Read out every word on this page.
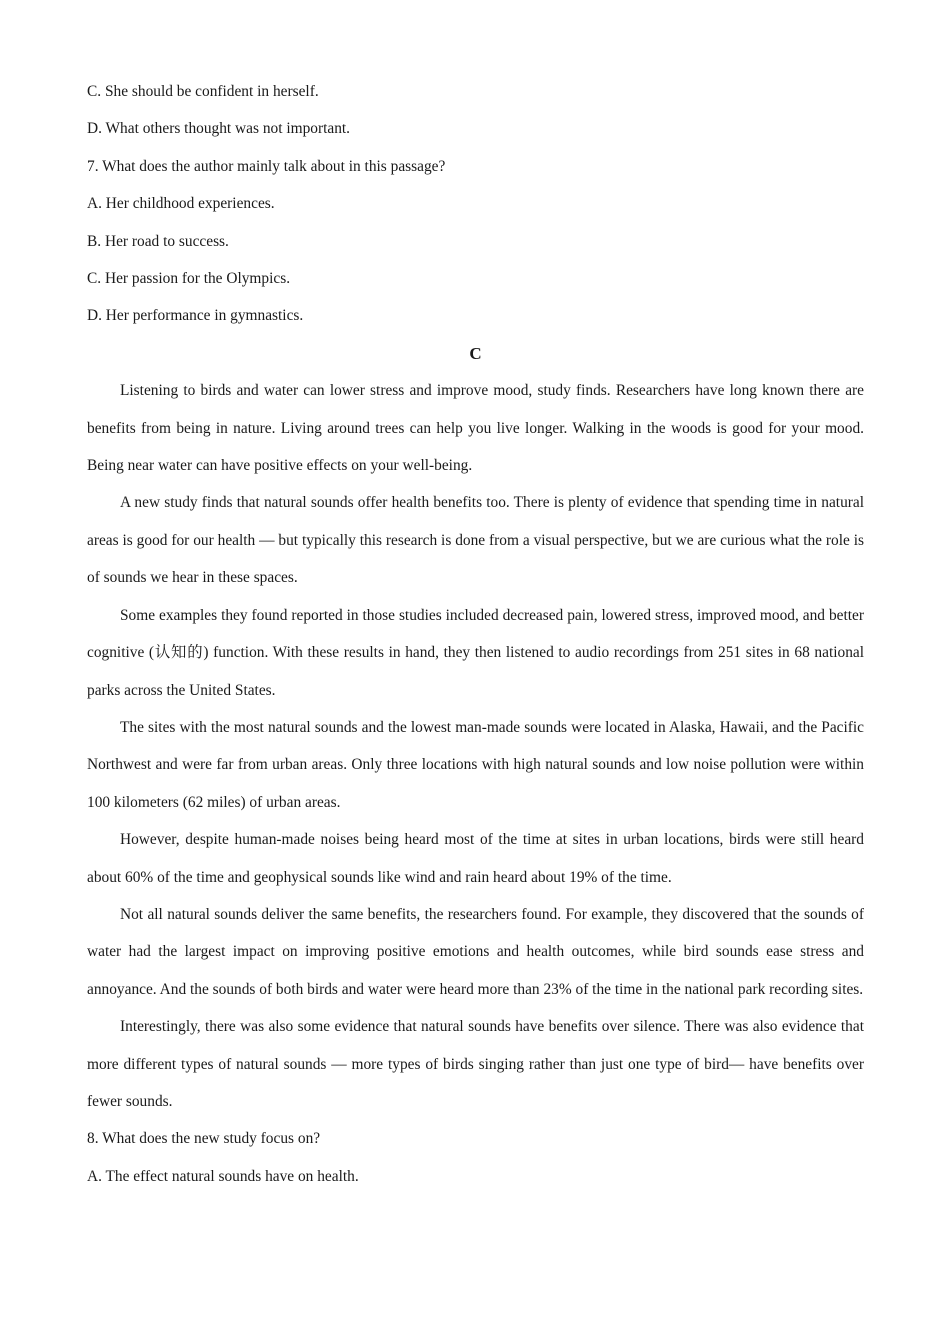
C. She should be confident in herself.

D. What others thought was not important.

7. What does the author mainly talk about in this passage?

A. Her childhood experiences.

B. Her road to success.

C. Her passion for the Olympics.

D. Her performance in gymnastics.

C

Listening to birds and water can lower stress and improve mood, study finds. Researchers have long known there are benefits from being in nature. Living around trees can help you live longer. Walking in the woods is good for your mood. Being near water can have positive effects on your well-being.

A new study finds that natural sounds offer health benefits too. There is plenty of evidence that spending time in natural areas is good for our health — but typically this research is done from a visual perspective, but we are curious what the role is of sounds we hear in these spaces.

Some examples they found reported in those studies included decreased pain, lowered stress, improved mood, and better cognitive (认知的) function. With these results in hand, they then listened to audio recordings from 251 sites in 68 national parks across the United States.

The sites with the most natural sounds and the lowest man-made sounds were located in Alaska, Hawaii, and the Pacific Northwest and were far from urban areas. Only three locations with high natural sounds and low noise pollution were within 100 kilometers (62 miles) of urban areas.

However, despite human-made noises being heard most of the time at sites in urban locations, birds were still heard about 60% of the time and geophysical sounds like wind and rain heard about 19% of the time.

Not all natural sounds deliver the same benefits, the researchers found. For example, they discovered that the sounds of water had the largest impact on improving positive emotions and health outcomes, while bird sounds ease stress and annoyance. And the sounds of both birds and water were heard more than 23% of the time in the national park recording sites.

Interestingly, there was also some evidence that natural sounds have benefits over silence. There was also evidence that more different types of natural sounds — more types of birds singing rather than just one type of bird— have benefits over fewer sounds.

8. What does the new study focus on?

A. The effect natural sounds have on health.
